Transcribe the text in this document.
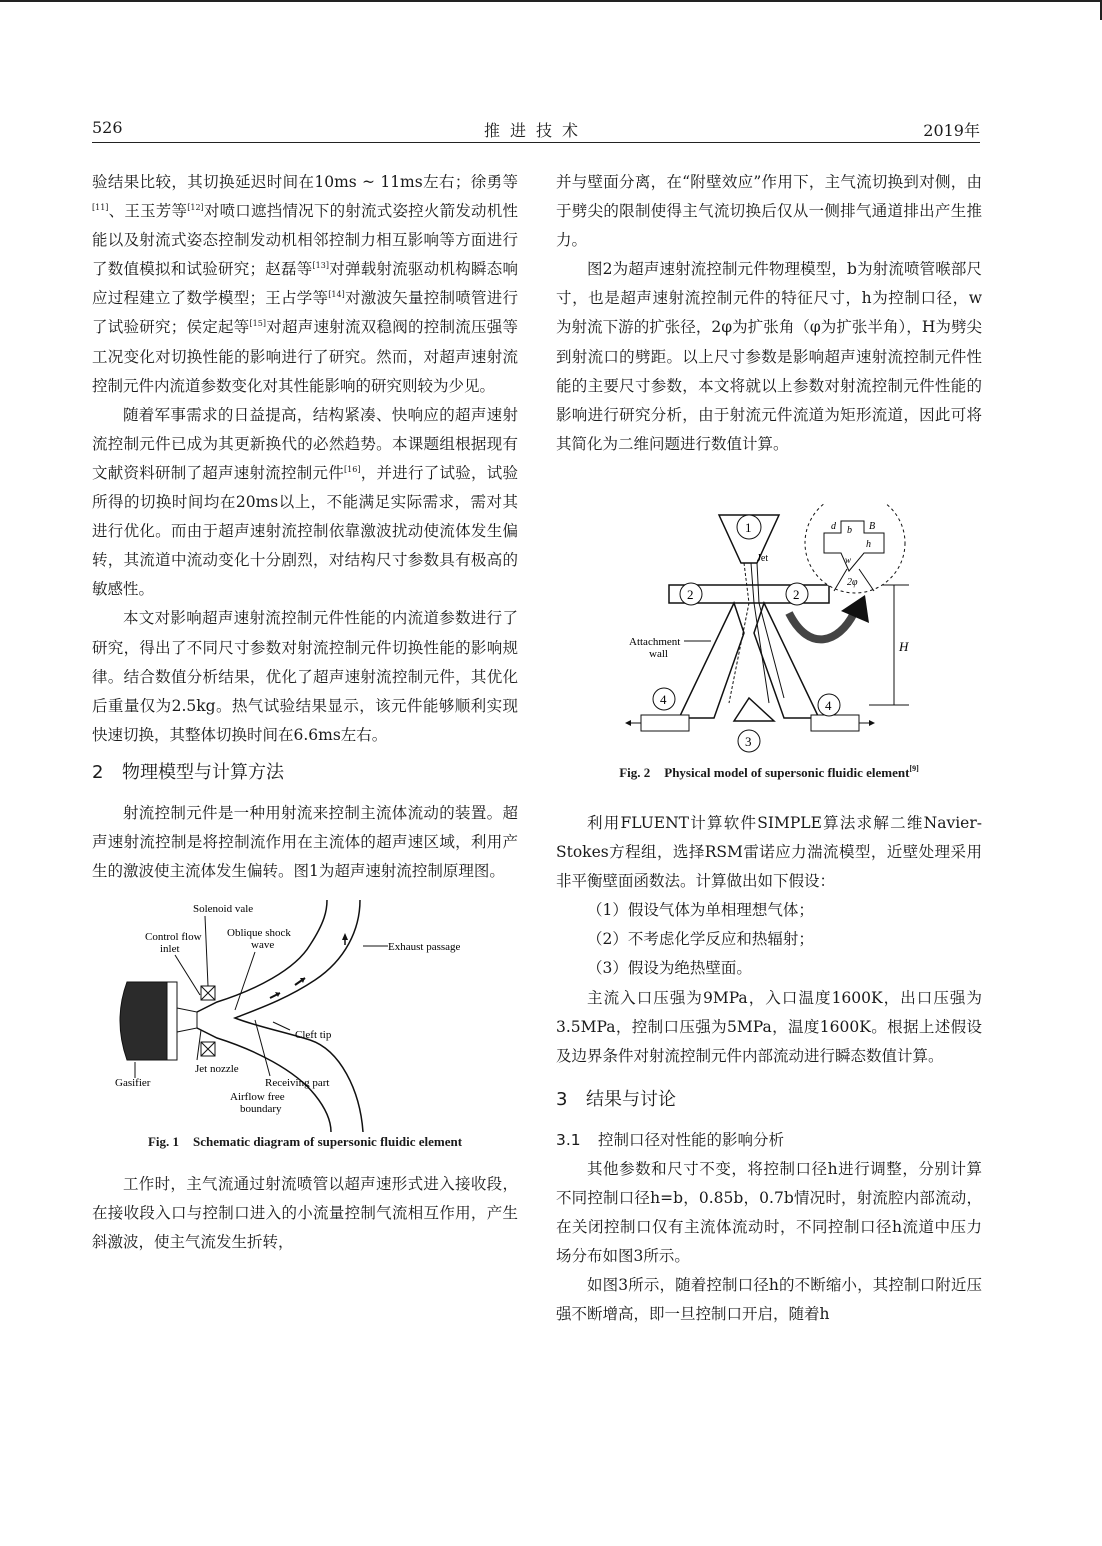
526	推进技术	2019年

验结果比较，其切换延迟时间在10ms ~ 11ms左右；徐勇等[11]、王玉芳等[12]对喷口遮挡情况下的射流式姿控火箭发动机性能以及射流式姿态控制发动机相邻控制力相互影响等方面进行了数值模拟和试验研究；赵磊等[13]对弹载射流驱动机构瞬态响应过程建立了数学模型；王占学等[14]对激波矢量控制喷管进行了试验研究；侯定起等[15]对超声速射流双稳阀的控制流压强等工况变化对切换性能的影响进行了研究。然而，对超声速射流控制元件内流道参数变化对其性能影响的研究则较为少见。

随着军事需求的日益提高，结构紧凑、快响应的超声速射流控制元件已成为其更新换代的必然趋势。本课题组根据现有文献资料研制了超声速射流控制元件[16]，并进行了试验，试验所得的切换时间均在20ms以上，不能满足实际需求，需对其进行优化。而由于超声速射流控制依靠激波扰动使流体发生偏转，其流道中流动变化十分剧烈，对结构尺寸参数具有极高的敏感性。

本文对影响超声速射流控制元件性能的内流道参数进行了研究，得出了不同尺寸参数对射流控制元件切换性能的影响规律。结合数值分析结果，优化了超声速射流控制元件，其优化后重量仅为2.5kg。热气试验结果显示，该元件能够顺利实现快速切换，其整体切换时间在6.6ms左右。

2 物理模型与计算方法

射流控制元件是一种用射流来控制主流体流动的装置。超声速射流控制是将控制流作用在主流体的超声速区域，利用产生的激波使主流体发生偏转。图1为超声速射流控制原理图。

Solenoid vale
Control flow
inlet
Oblique shock
wave	Exhaust passage
Cleft tip
Jet nozzle
Gasifier	Receiving part
Airflow free
boundary
Fig. 1 Schematic diagram of supersonic fluidic element

工作时，主气流通过射流喷管以超声速形式进入接收段，在接收段入口与控制口进入的小流量控制气流相互作用，产生斜激波，使主气流发生折转，

并与壁面分离，在“附壁效应”作用下，主气流切换到对侧，由于劈尖的限制使得主气流切换后仅从一侧排气通道排出产生推力。

图2为超声速射流控制元件物理模型，b为射流喷管喉部尺寸，也是超声速射流控制元件的特征尺寸，h为控制口径，w为射流下游的扩张径，2φ为扩张角（φ为扩张半角），H为劈尖到射流口的劈距。以上尺寸参数是影响超声速射流控制元件性能的主要尺寸参数，本文将就以上参数对射流控制元件性能的影响进行研究分析，由于射流元件流道为矩形流道，因此可将其简化为二维问题进行数值计算。

1
2	2
Jet
3
4	4
H
Attachment
wall
d b B
h
w
2φ
Fig. 2 Physical model of supersonic fluidic element[9]

利用FLUENT计算软件SIMPLE算法求解二维Navier-Stokes方程组，选择RSM雷诺应力湍流模型，近壁处理采用非平衡壁面函数法。计算做出如下假设：

（1）假设气体为单相理想气体；

（2）不考虑化学反应和热辐射；

（3）假设为绝热壁面。

主流入口压强为9MPa，入口温度1600K，出口压强为3.5MPa，控制口压强为5MPa，温度1600K。根据上述假设及边界条件对射流控制元件内部流动进行瞬态数值计算。

3 结果与讨论
3.1 控制口径对性能的影响分析

其他参数和尺寸不变，将控制口径h进行调整，分别计算不同控制口径h=b，0.85b，0.7b情况时，射流腔内部流动，在关闭控制口仅有主流体流动时，不同控制口径h流道中压力场分布如图3所示。

如图3所示，随着控制口径h的不断缩小，其控制口附近压强不断增高，即一旦控制口开启，随着h
